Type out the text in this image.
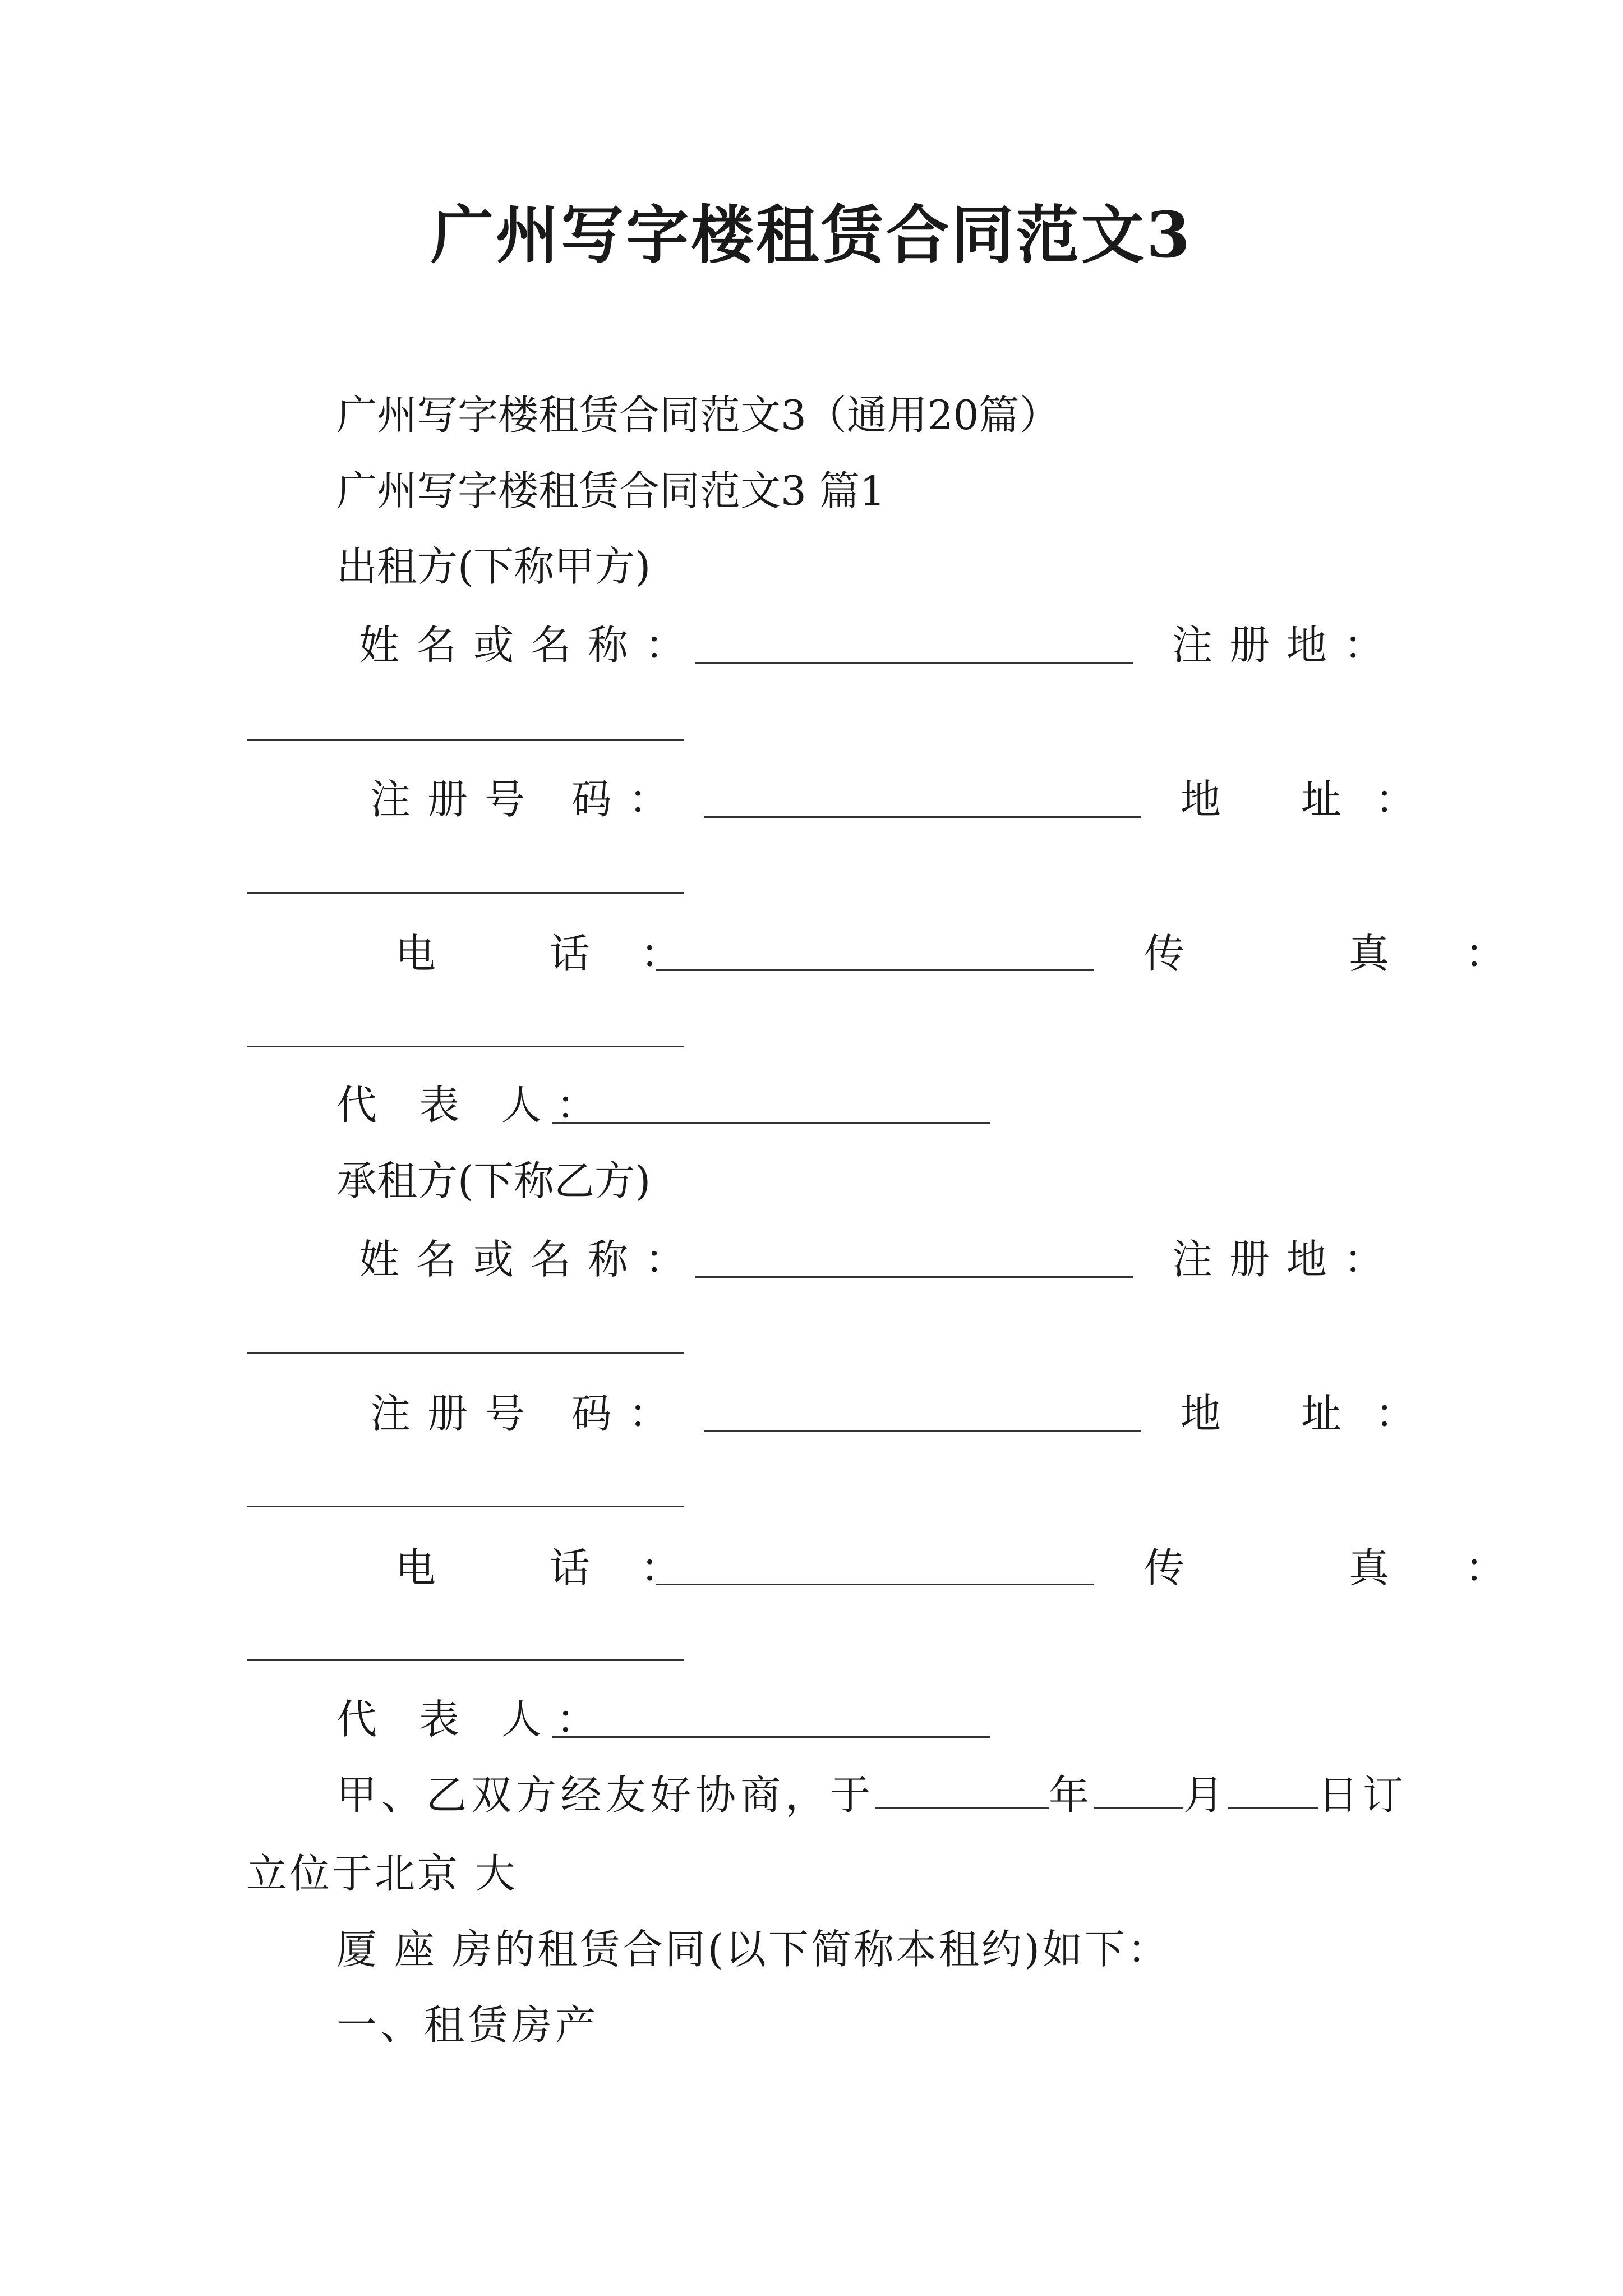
广州写字楼租赁合同范文3
广州写字楼租赁合同范文3（通用20篇）
广州写字楼租赁合同范文3 篇1
出租方(下称甲方)
姓名或名称：	注册地：
注册号 码：	地 址：
电 话：	传 真：
代 表 人：
承租方(下称乙方)
姓名或名称：	注册地：
注册号 码：	地 址：
电 话：	传 真：
代 表 人：
甲、乙双方经友好协商，于	年 月 日订
立位于北京 大
厦 座 房的租赁合同(以下简称本租约)如下：
一、租赁房产
